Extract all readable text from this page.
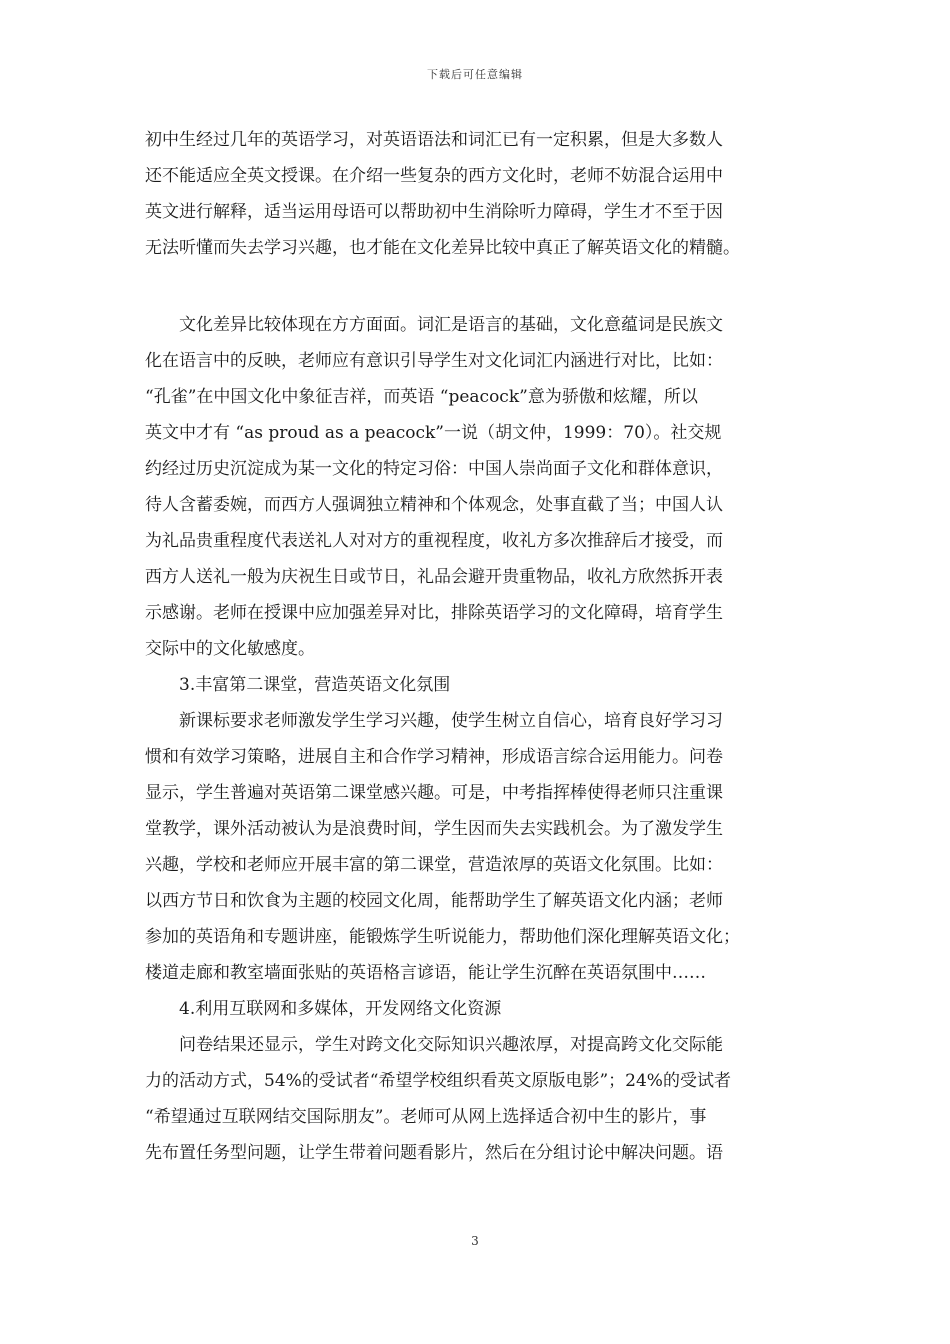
下载后可任意编辑
初中生经过几年的英语学习，对英语语法和词汇已有一定积累，但是大多数人
还不能适应全英文授课。在介绍一些复杂的西方文化时，老师不妨混合运用中
英文进行解释，适当运用母语可以帮助初中生消除听力障碍，学生才不至于因
无法听懂而失去学习兴趣，也才能在文化差异比较中真正了解英语文化的精髓。
　　文化差异比较体现在方方面面。词汇是语言的基础，文化意蕴词是民族文
化在语言中的反映，老师应有意识引导学生对文化词汇内涵进行对比，比如：
“孔雀”在中国文化中象征吉祥，而英语 “peacock”意为骄傲和炫耀，所以
英文中才有 “as proud as a peacock”一说（胡文仲，1999：70）。社交规
约经过历史沉淀成为某一文化的特定习俗：中国人崇尚面子文化和群体意识，
待人含蓄委婉，而西方人强调独立精神和个体观念，处事直截了当；中国人认
为礼品贵重程度代表送礼人对对方的重视程度，收礼方多次推辞后才接受，而
西方人送礼一般为庆祝生日或节日，礼品会避开贵重物品，收礼方欣然拆开表
示感谢。老师在授课中应加强差异对比，排除英语学习的文化障碍，培育学生
交际中的文化敏感度。
　　3.丰富第二课堂，营造英语文化氛围
　　新课标要求老师激发学生学习兴趣，使学生树立自信心，培育良好学习习
惯和有效学习策略，进展自主和合作学习精神，形成语言综合运用能力。问卷
显示，学生普遍对英语第二课堂感兴趣。可是，中考指挥棒使得老师只注重课
堂教学，课外活动被认为是浪费时间，学生因而失去实践机会。为了激发学生
兴趣，学校和老师应开展丰富的第二课堂，营造浓厚的英语文化氛围。比如：
以西方节日和饮食为主题的校园文化周，能帮助学生了解英语文化内涵；老师
参加的英语角和专题讲座，能锻炼学生听说能力，帮助他们深化理解英语文化；
楼道走廊和教室墙面张贴的英语格言谚语，能让学生沉醉在英语氛围中……
　　4.利用互联网和多媒体，开发网络文化资源
　　问卷结果还显示，学生对跨文化交际知识兴趣浓厚，对提高跨文化交际能
力的活动方式，54%的受试者“希望学校组织看英文原版电影”；24%的受试者
“希望通过互联网结交国际朋友”。老师可从网上选择适合初中生的影片，事
先布置任务型问题，让学生带着问题看影片，然后在分组讨论中解决问题。语
3
